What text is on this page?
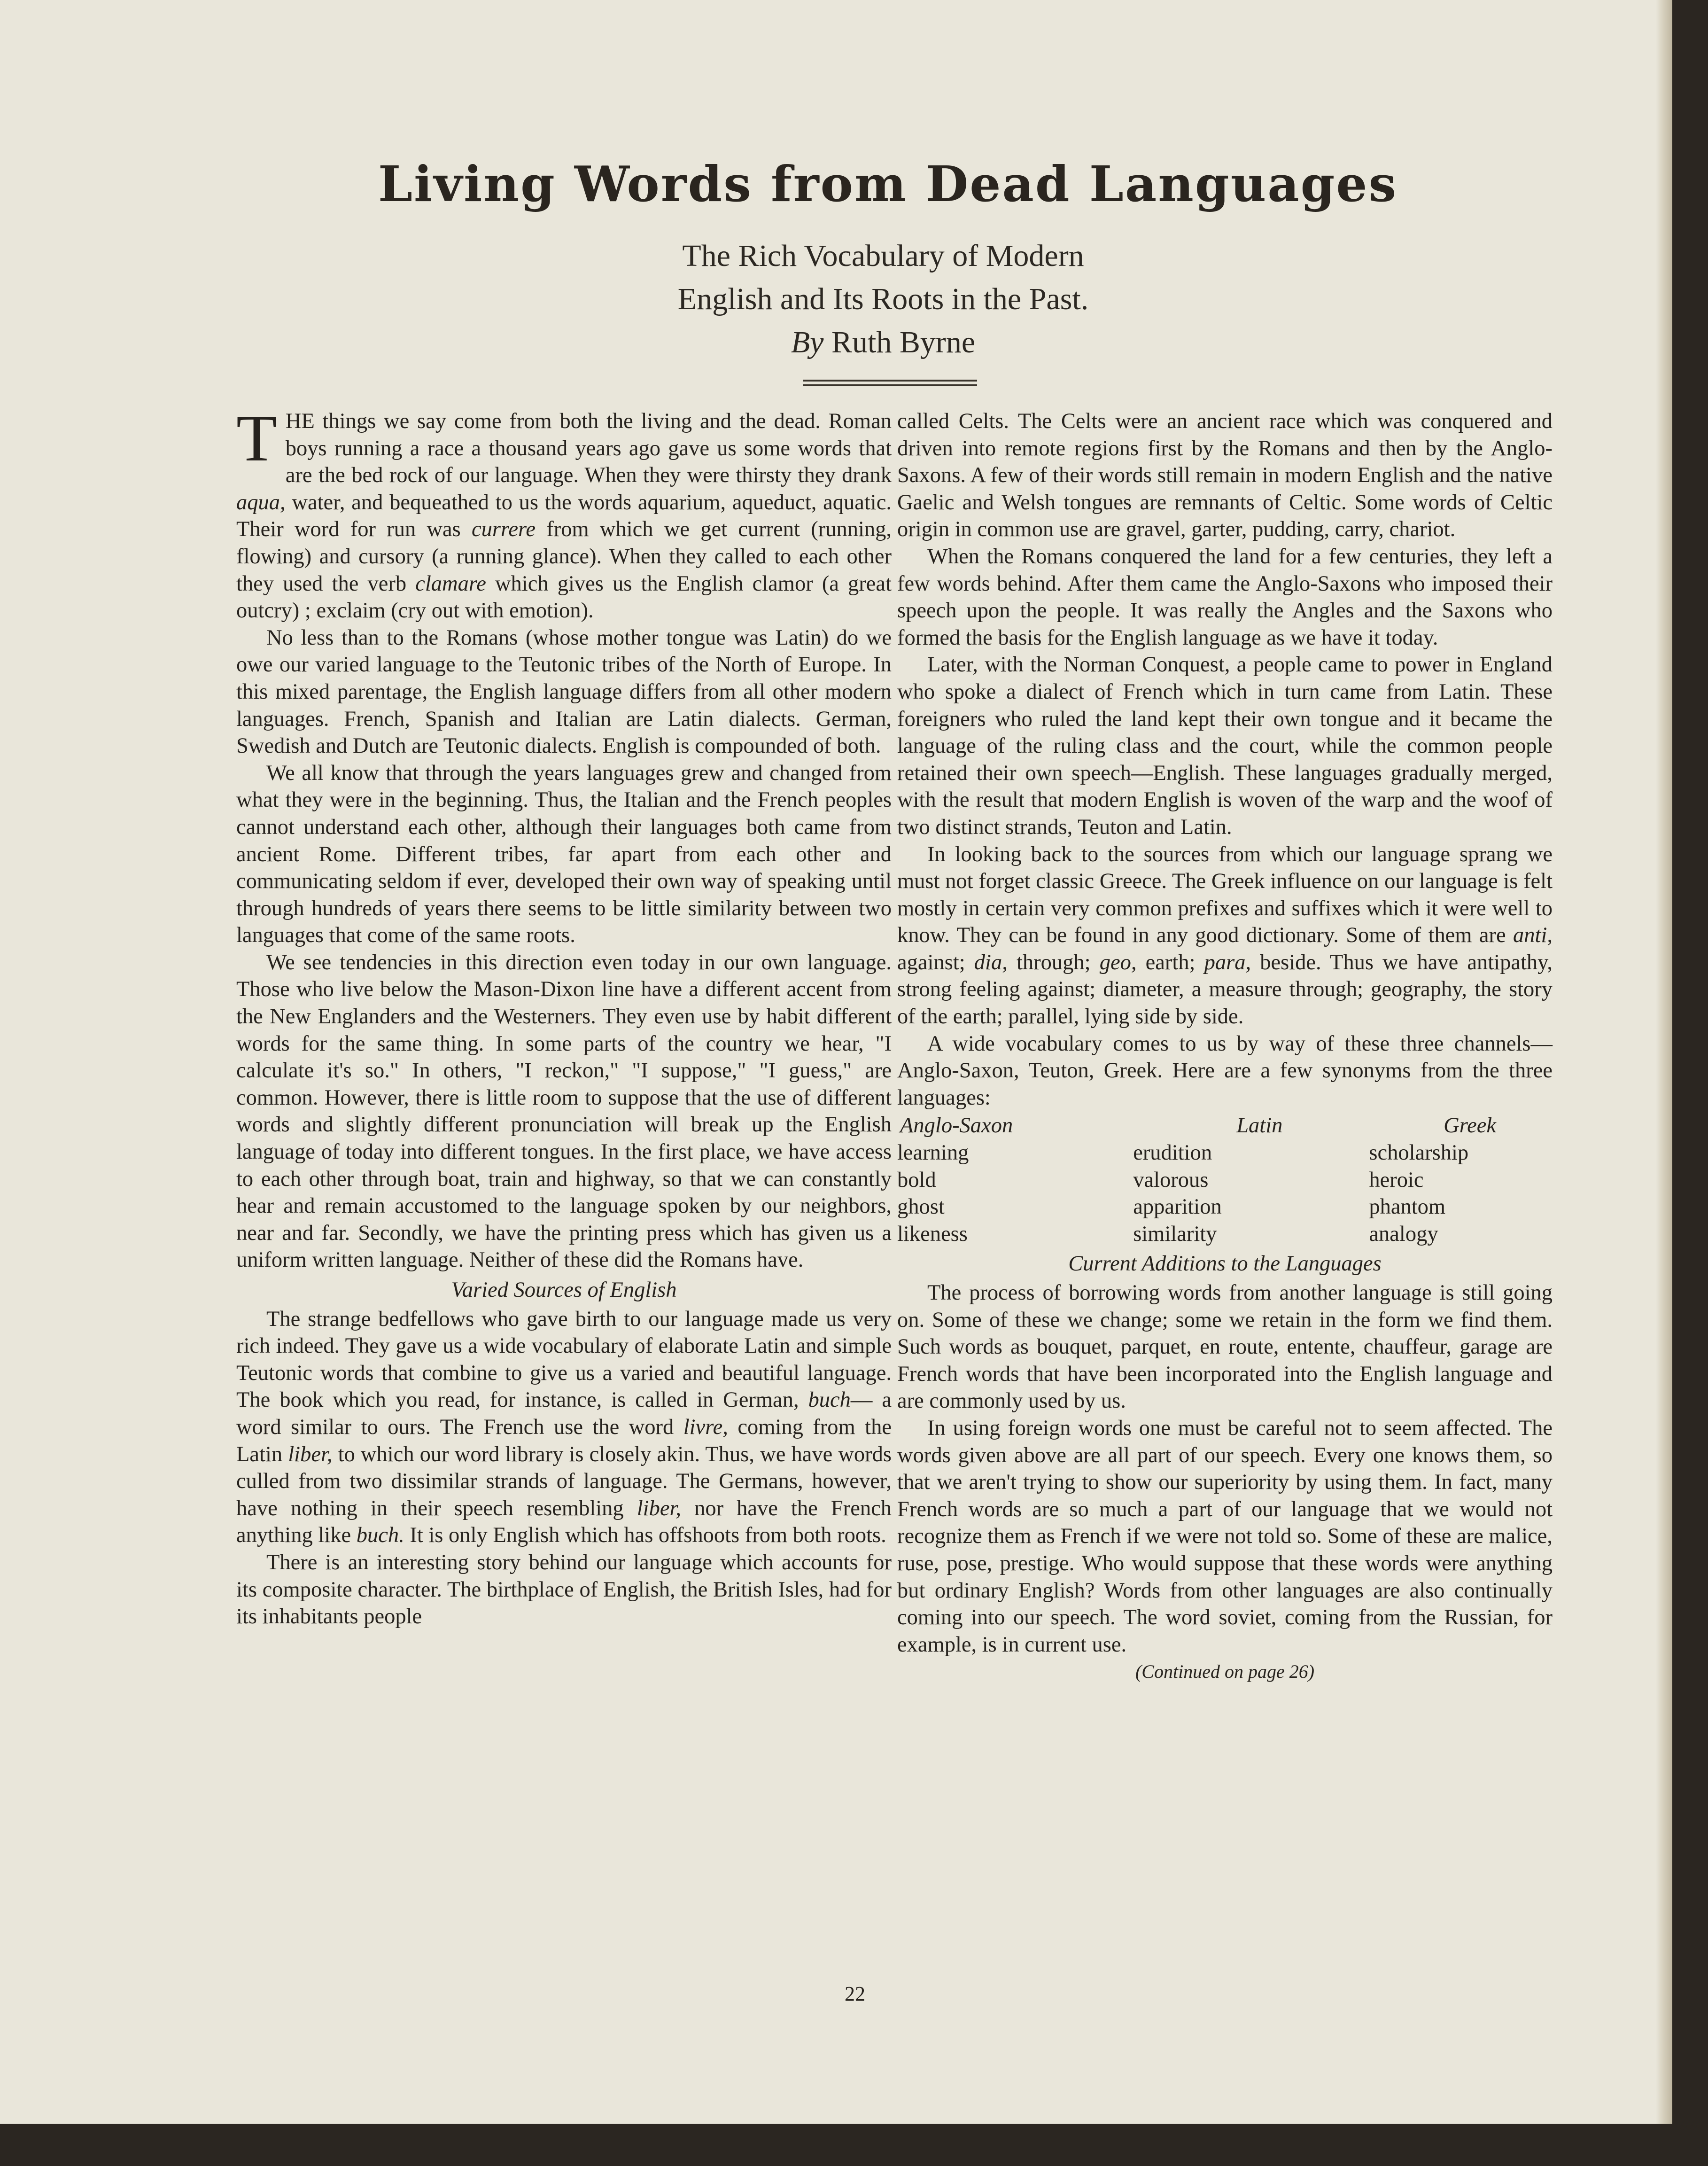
Living Words from Dead Languages
The Rich Vocabulary of Modern
English and Its Roots in the Past.
By Ruth Byrne

THE things we say come from both the living and the dead. Roman boys running a race a thousand years ago gave us some words that are the bed rock of our language. When they were thirsty they drank aqua, water, and bequeathed to us the words aquarium, aqueduct, aquatic. Their word for run was currere from which we get current (running, flowing) and cursory (a running glance). When they called to each other they used the verb clamare which gives us the English clamor (a great outcry) ; exclaim (cry out with emotion).

No less than to the Romans (whose mother tongue was Latin) do we owe our varied language to the Teutonic tribes of the North of Europe. In this mixed parentage, the English language differs from all other modern languages. French, Spanish and Italian are Latin dialects. German, Swedish and Dutch are Teutonic dialects. English is compounded of both.

We all know that through the years languages grew and changed from what they were in the beginning. Thus, the Italian and the French peoples cannot understand each other, although their languages both came from ancient Rome. Different tribes, far apart from each other and communicating seldom if ever, developed their own way of speaking until through hundreds of years there seems to be little similarity between two languages that come of the same roots.

We see tendencies in this direction even today in our own language. Those who live below the Mason-Dixon line have a different accent from the New Englanders and the Westerners. They even use by habit different words for the same thing. In some parts of the country we hear, "I calculate it's so." In others, "I reckon," "I suppose," "I guess," are common. However, there is little room to suppose that the use of different words and slightly different pronunciation will break up the English language of today into different tongues. In the first place, we have access to each other through boat, train and highway, so that we can constantly hear and remain accustomed to the language spoken by our neighbors, near and far. Secondly, we have the printing press which has given us a uniform written language. Neither of these did the Romans have.

Varied Sources of English

The strange bedfellows who gave birth to our language made us very rich indeed. They gave us a wide vocabulary of elaborate Latin and simple Teutonic words that combine to give us a varied and beautiful language. The book which you read, for instance, is called in German, buch— a word similar to ours. The French use the word livre, coming from the Latin liber, to which our word library is closely akin. Thus, we have words culled from two dissimilar strands of language. The Germans, however, have nothing in their speech resembling liber, nor have the French anything like buch. It is only English which has offshoots from both roots.

There is an interesting story behind our language which accounts for its composite character. The birthplace of English, the British Isles, had for its inhabitants people

called Celts. The Celts were an ancient race which was conquered and driven into remote regions first by the Romans and then by the Anglo-Saxons. A few of their words still remain in modern English and the native Gaelic and Welsh tongues are remnants of Celtic. Some words of Celtic origin in common use are gravel, garter, pudding, carry, chariot.

When the Romans conquered the land for a few centuries, they left a few words behind. After them came the Anglo-Saxons who imposed their speech upon the people. It was really the Angles and the Saxons who formed the basis for the English language as we have it today.

Later, with the Norman Conquest, a people came to power in England who spoke a dialect of French which in turn came from Latin. These foreigners who ruled the land kept their own tongue and it became the language of the ruling class and the court, while the common people retained their own speech—English. These languages gradually merged, with the result that modern English is woven of the warp and the woof of two distinct strands, Teuton and Latin.

In looking back to the sources from which our language sprang we must not forget classic Greece. The Greek influence on our language is felt mostly in certain very common prefixes and suffixes which it were well to know. They can be found in any good dictionary. Some of them are anti, against; dia, through; geo, earth; para, beside. Thus we have antipathy, strong feeling against; diameter, a measure through; geography, the story of the earth; parallel, lying side by side.

A wide vocabulary comes to us by way of these three channels—Anglo-Saxon, Teuton, Greek. Here are a few synonyms from the three languages:

Anglo-Saxon	Latin	Greek
learning	erudition	scholarship
bold	valorous	heroic
ghost	apparition	phantom
likeness	similarity	analogy
Current Additions to the Languages

The process of borrowing words from another language is still going on. Some of these we change; some we retain in the form we find them. Such words as bouquet, parquet, en route, entente, chauffeur, garage are French words that have been incorporated into the English language and are commonly used by us.

In using foreign words one must be careful not to seem affected. The words given above are all part of our speech. Every one knows them, so that we aren't trying to show our superiority by using them. In fact, many French words are so much a part of our language that we would not recognize them as French if we were not told so. Some of these are malice, ruse, pose, prestige. Who would suppose that these words were anything but ordinary English? Words from other languages are also continually coming into our speech. The word soviet, coming from the Russian, for example, is in current use.

(Continued on page 26)
22
